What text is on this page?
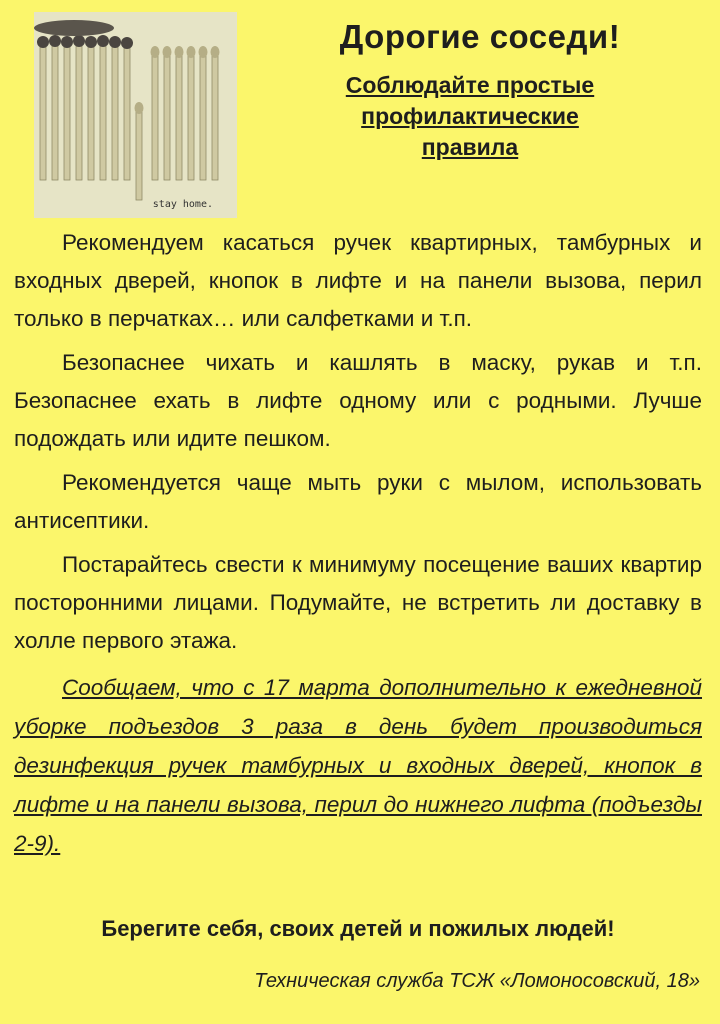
stay home.
Дорогие соседи!
Соблюдайте простые
профилактические
правила

Рекомендуем касаться ручек квартирных, тамбурных и входных дверей, кнопок в лифте и на панели вызова, перил только в перчатках… или салфетками и т.п.

Безопаснее чихать и кашлять в маску, рукав и т.п. Безопаснее ехать в лифте одному или с родными. Лучше подождать или идите пешком.

Рекомендуется чаще мыть руки с мылом, использовать антисептики.

Постарайтесь свести к минимуму посещение ваших квартир посторонними лицами. Подумайте, не встретить ли доставку в холле первого этажа.

Сообщаем, что с 17 марта дополнительно к ежедневной уборке подъездов 3 раза в день будет производиться дезинфекция ручек тамбурных и входных дверей, кнопок в лифте и на панели вызова, перил до нижнего лифта (подъезды 2-9).

Берегите себя, своих детей и пожилых людей!

Техническая служба ТСЖ «Ломоносовский, 18»
